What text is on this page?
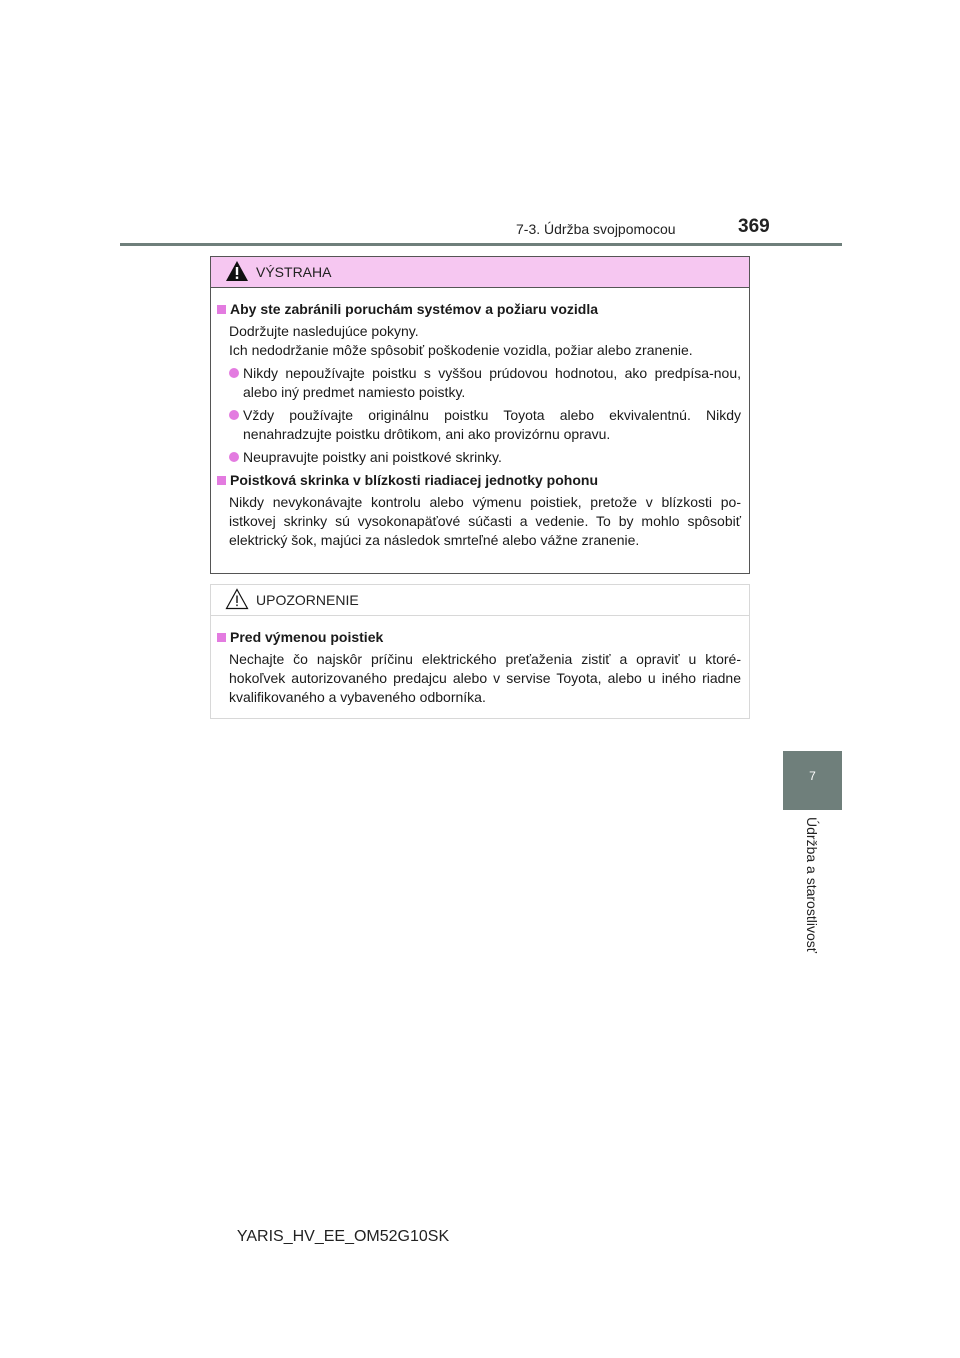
7-3. Údržba svojpomocou	369
7
Údržba a starostlivosť
VÝSTRAHA
Aby ste zabránili poruchám systémov a požiaru vozidla
Dodržujte nasledujúce pokyny.
Ich nedodržanie môže spôsobiť poškodenie vozidla, požiar alebo zranenie.
Nikdy nepoužívajte poistku s vyššou prúdovou hodnotou, ako predpísa-nou, alebo iný predmet namiesto poistky.
Vždy používajte originálnu poistku Toyota alebo ekvivalentnú. Nikdy nenahradzujte poistku drôtikom, ani ako provizórnu opravu.
Neupravujte poistky ani poistkové skrinky.
Poistková skrinka v blízkosti riadiacej jednotky pohonu
Nikdy nevykonávajte kontrolu alebo výmenu poistiek, pretože v blízkosti po-istkovej skrinky sú vysokonapäťové súčasti a vedenie. To by mohlo spôsobiť elektrický šok, majúci za následok smrteľné alebo vážne zranenie.
UPOZORNENIE
Pred výmenou poistiek
Nechajte čo najskôr príčinu elektrického preťaženia zistiť a opraviť u ktoré-hokoľvek autorizovaného predajcu alebo v servise Toyota, alebo u iného riadne kvalifikovaného a vybaveného odborníka.
YARIS_HV_EE_OM52G10SK
